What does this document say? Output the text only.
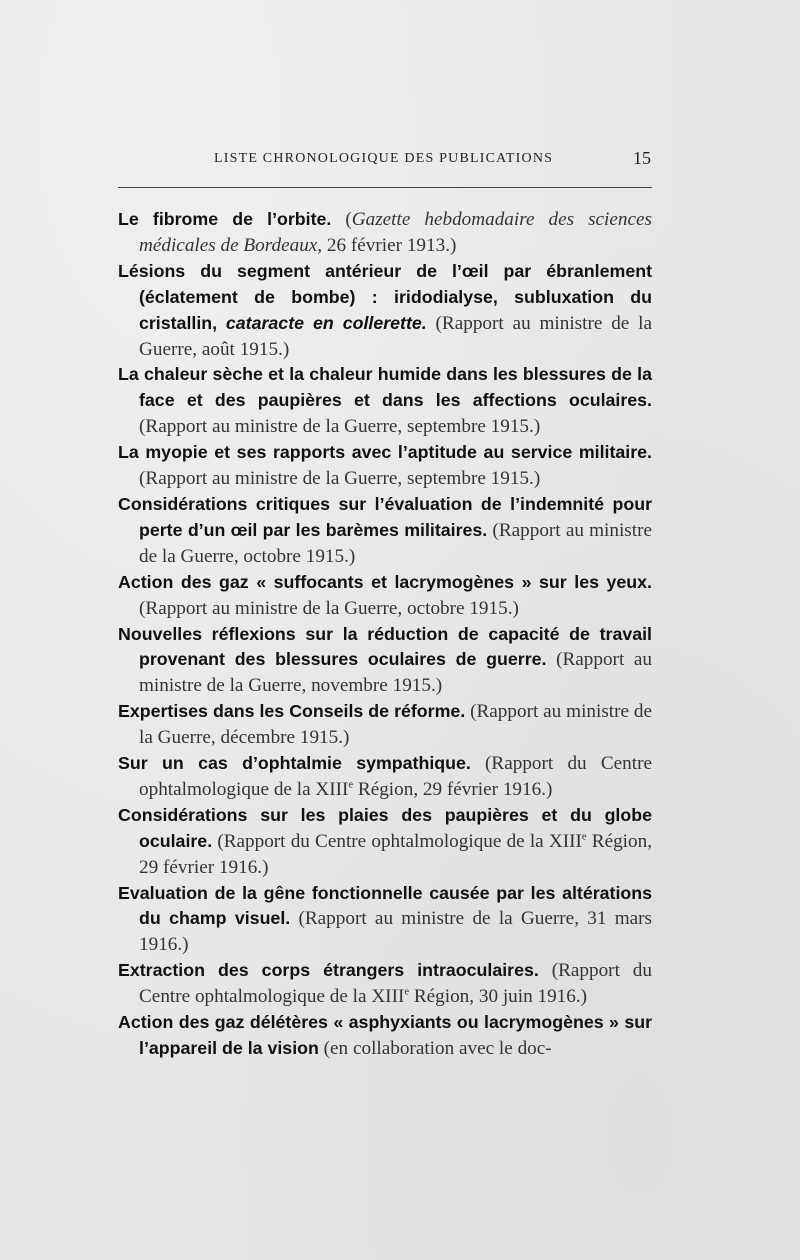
LISTE CHRONOLOGIQUE DES PUBLICATIONS	15

Le fibrome de l’orbite. (Gazette hebdomadaire des sciences médicales de Bordeaux, 26 février 1913.)

Lésions du segment antérieur de l’œil par ébranlement (éclatement de bombe) : iridodialyse, subluxation du cristallin, cataracte en collerette. (Rapport au ministre de la Guerre, août 1915.)

La chaleur sèche et la chaleur humide dans les blessures de la face et des paupières et dans les affections oculaires. (Rapport au ministre de la Guerre, septembre 1915.)

La myopie et ses rapports avec l’aptitude au service militaire. (Rapport au ministre de la Guerre, septembre 1915.)

Considérations critiques sur l’évaluation de l’indemnité pour perte d’un œil par les barèmes militaires. (Rapport au ministre de la Guerre, octobre 1915.)

Action des gaz « suffocants et lacrymogènes » sur les yeux. (Rapport au ministre de la Guerre, octobre 1915.)

Nouvelles réflexions sur la réduction de capacité de travail provenant des blessures oculaires de guerre. (Rapport au ministre de la Guerre, novembre 1915.)

Expertises dans les Conseils de réforme. (Rapport au ministre de la Guerre, décembre 1915.)

Sur un cas d’ophtalmie sympathique. (Rapport du Centre ophtalmologique de la XIIIe Région, 29 février 1916.)

Considérations sur les plaies des paupières et du globe oculaire. (Rapport du Centre ophtalmologique de la XIIIe Région, 29 février 1916.)

Evaluation de la gêne fonctionnelle causée par les altérations du champ visuel. (Rapport au ministre de la Guerre, 31 mars 1916.)

Extraction des corps étrangers intraoculaires. (Rapport du Centre ophtalmologique de la XIIIe Région, 30 juin 1916.)

Action des gaz délétères « asphyxiants ou lacrymogènes » sur l’appareil de la vision (en collaboration avec le doc-
